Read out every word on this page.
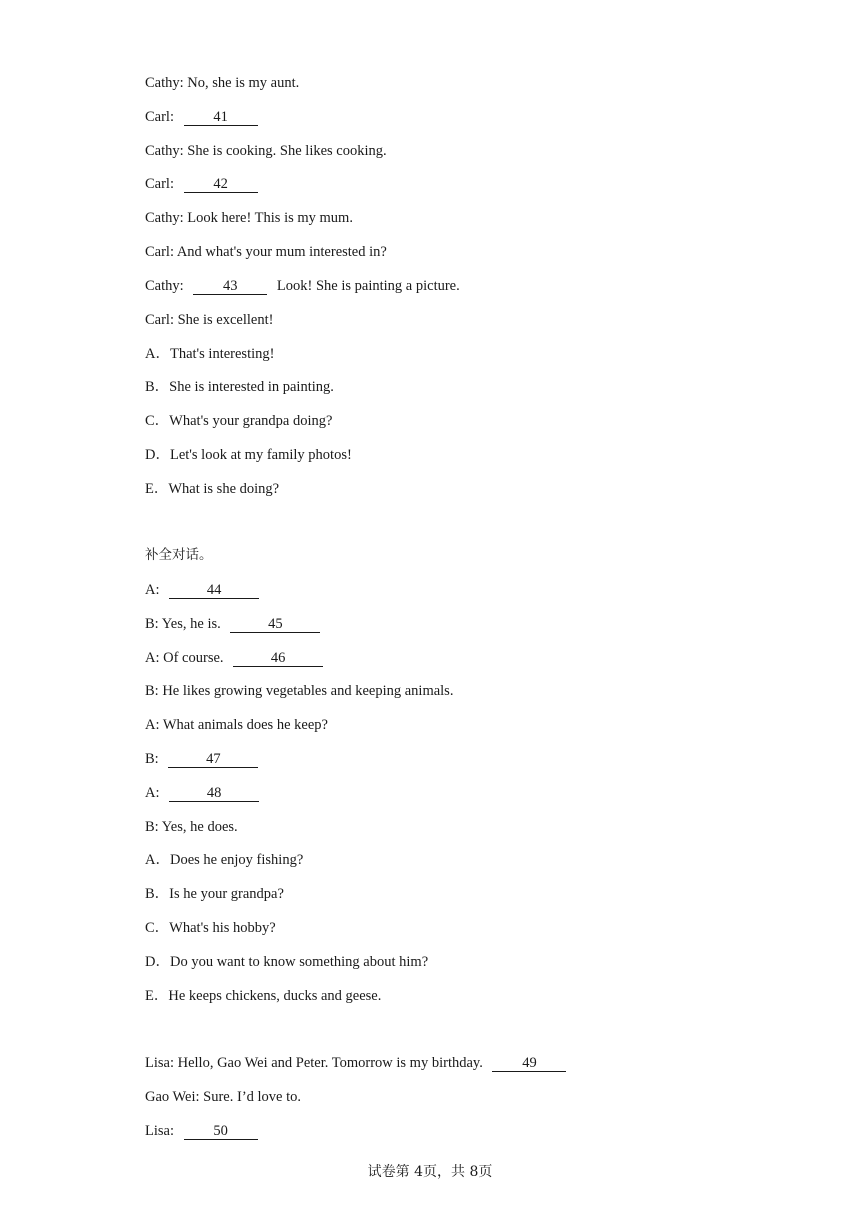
Cathy: No, she is my aunt.
Carl:	41
Cathy: She is cooking. She likes cooking.
Carl:	42
Cathy: Look here! This is my mum.
Carl: And what's your mum interested in?
Cathy:	43	Look! She is painting a picture.
Carl: She is excellent!
A．That's interesting!
B．She is interested in painting.
C．What's your grandpa doing?
D．Let's look at my family photos!
E．What is she doing?
补全对话。
A:	44
B: Yes, he is.	45
A: Of course.	46
B: He likes growing vegetables and keeping animals.
A: What animals does he keep?
B:	47
A:	48
B: Yes, he does.
A．Does he enjoy fishing?
B．Is he your grandpa?
C．What's his hobby?
D．Do you want to know something about him?
E．He keeps chickens, ducks and geese.
Lisa: Hello, Gao Wei and Peter. Tomorrow is my birthday.	49
Gao Wei: Sure. I’d love to.
Lisa:	50
试卷第 4页，共 8页
